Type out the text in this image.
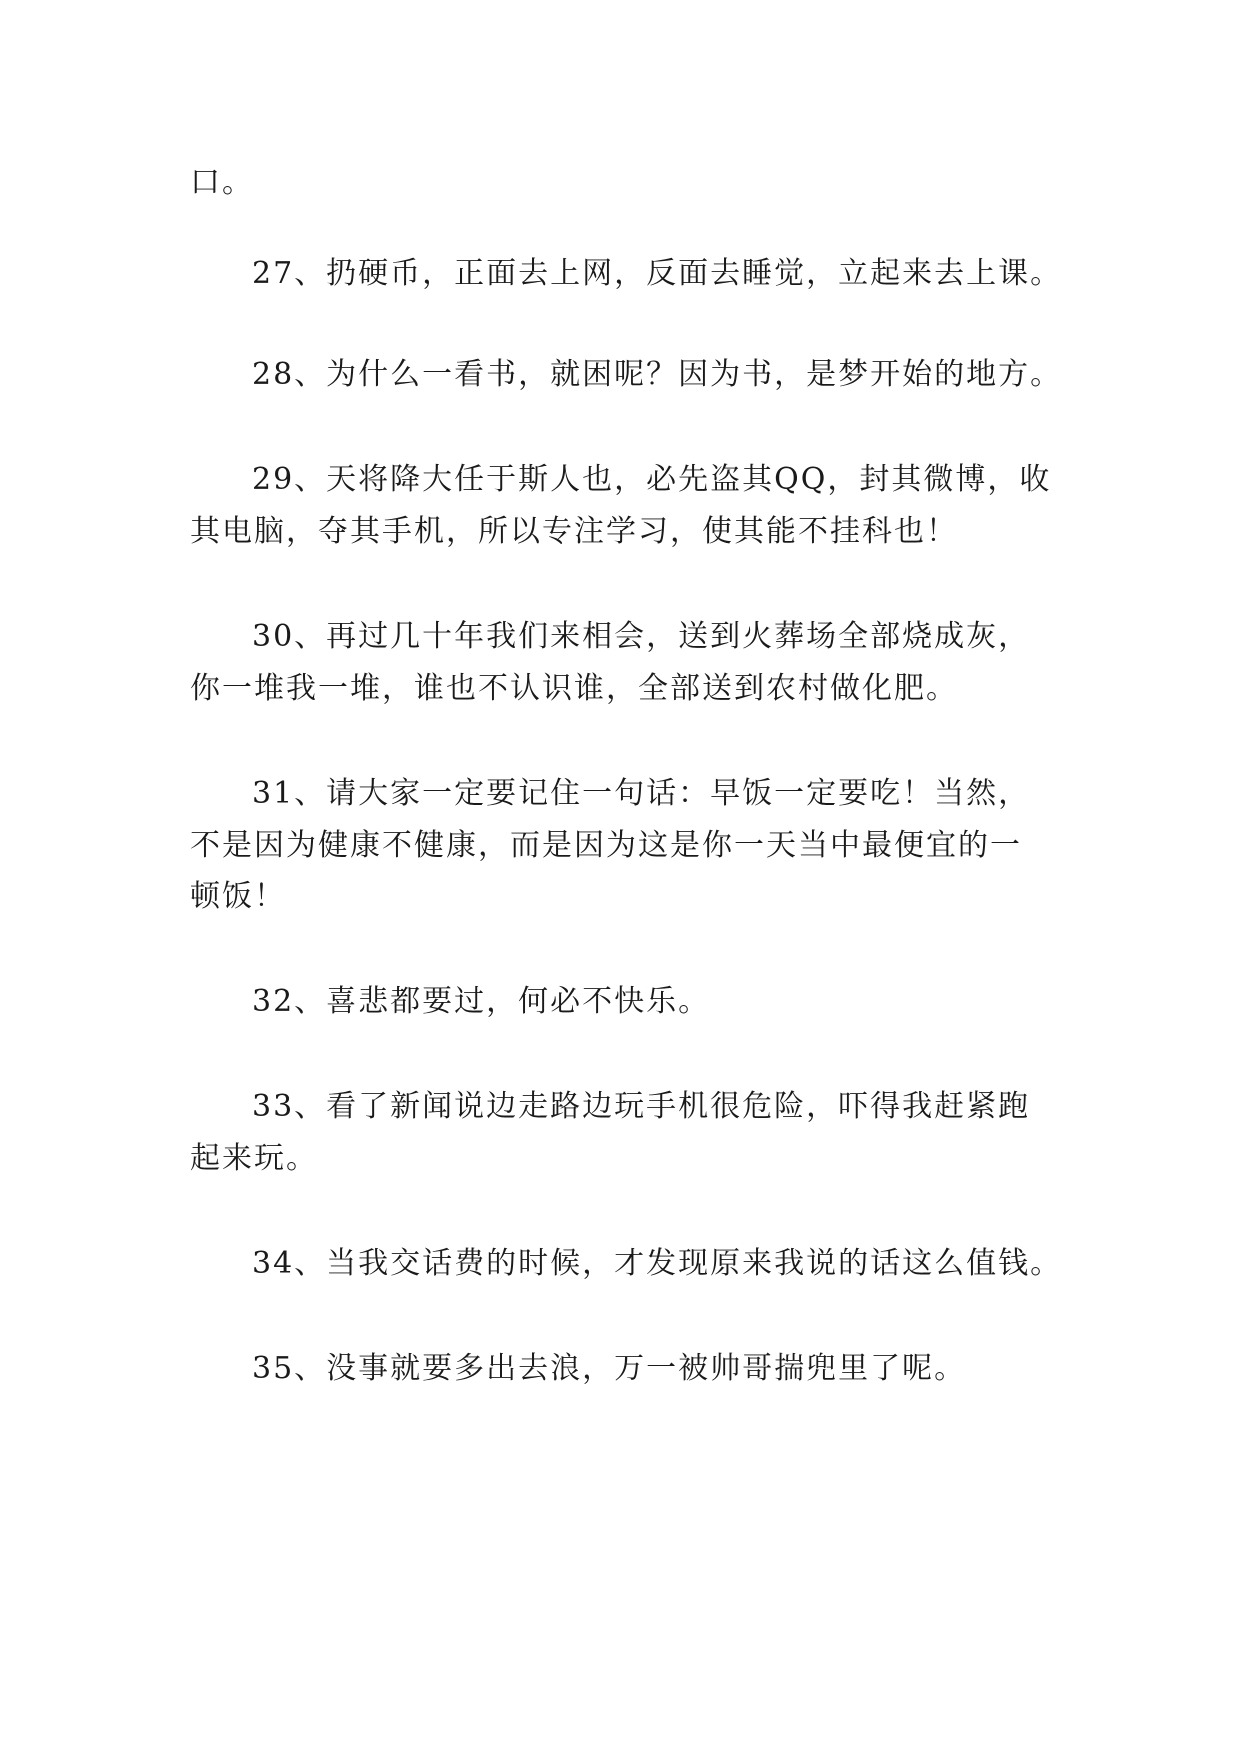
口。
27、扔硬币，正面去上网，反面去睡觉，立起来去上课。
28、为什么一看书，就困呢？因为书，是梦开始的地方。
29、天将降大任于斯人也，必先盗其QQ，封其微博，收
其电脑，夺其手机，所以专注学习，使其能不挂科也！
30、再过几十年我们来相会，送到火葬场全部烧成灰，
你一堆我一堆，谁也不认识谁，全部送到农村做化肥。
31、请大家一定要记住一句话：早饭一定要吃！当然，
不是因为健康不健康，而是因为这是你一天当中最便宜的一
顿饭！
32、喜悲都要过，何必不快乐。
33、看了新闻说边走路边玩手机很危险，吓得我赶紧跑
起来玩。
34、当我交话费的时候，才发现原来我说的话这么值钱。
35、没事就要多出去浪，万一被帅哥揣兜里了呢。
